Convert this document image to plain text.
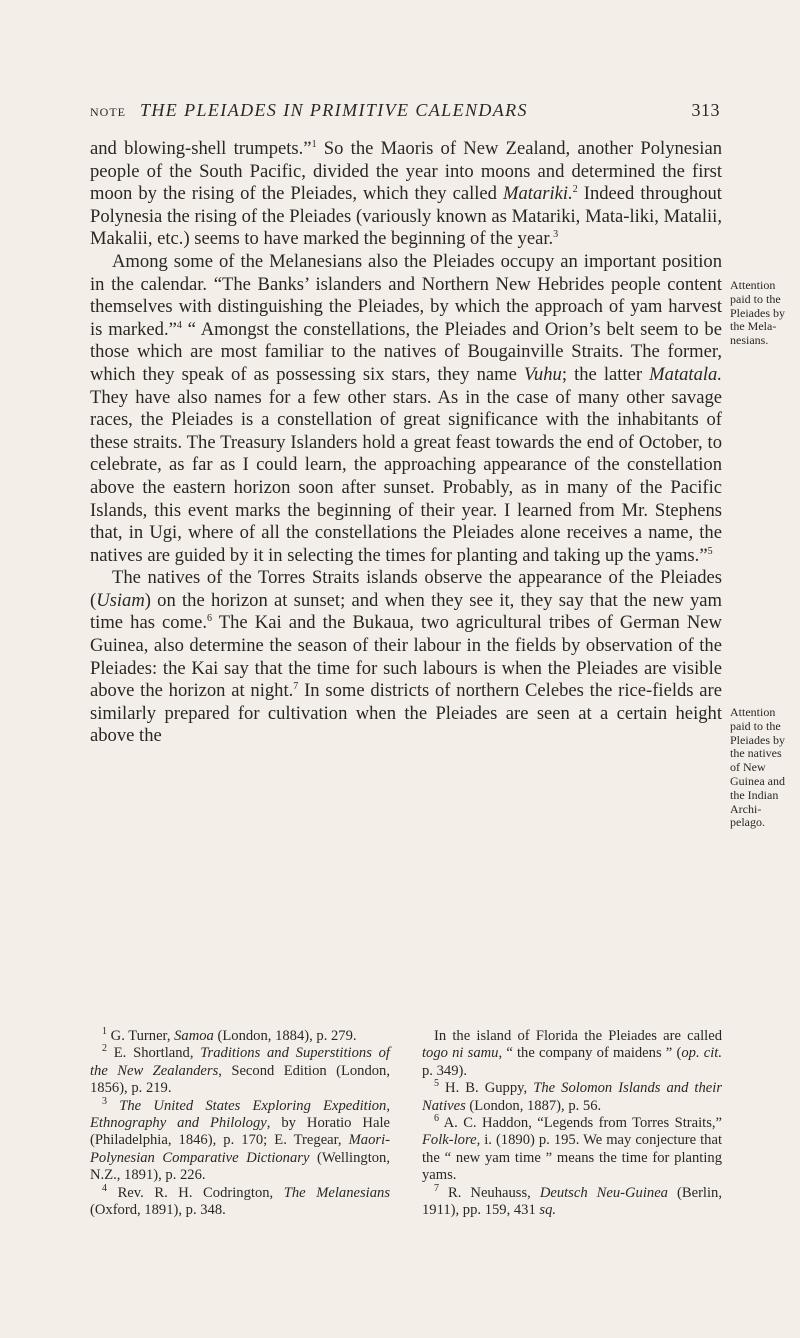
NOTE THE PLEIADES IN PRIMITIVE CALENDARS	313

and blowing-shell trumpets.”$^1$ So the Maoris of New Zealand, another Polynesian people of the South Pacific, divided the year into moons and determined the first moon by the rising of the Pleiades, which they called Matariki.$^2$ Indeed throughout Polynesia the rising of the Pleiades (variously known as Matariki, Mata-liki, Matalii, Makalii, etc.) seems to have marked the beginning of the year.$^3$

Among some of the Melanesians also the Pleiades occupy an important position in the calendar. “The Banks’ islanders and Northern New Hebrides people content themselves with distinguishing the Pleiades, by which the approach of yam harvest is marked.”$^4$ “ Amongst the constellations, the Pleiades and Orion’s belt seem to be those which are most familiar to the natives of Bougainville Straits. The former, which they speak of as possessing six stars, they name Vuhu; the latter Matatala. They have also names for a few other stars. As in the case of many other savage races, the Pleiades is a constellation of great significance with the inhabitants of these straits. The Treasury Islanders hold a great feast towards the end of October, to celebrate, as far as I could learn, the approaching appearance of the constellation above the eastern horizon soon after sunset. Probably, as in many of the Pacific Islands, this event marks the beginning of their year. I learned from Mr. Stephens that, in Ugi, where of all the constellations the Pleiades alone receives a name, the natives are guided by it in selecting the times for planting and taking up the yams.”$^5$

The natives of the Torres Straits islands observe the appearance of the Pleiades (Usiam) on the horizon at sunset; and when they see it, they say that the new yam time has come.$^6$ The Kai and the Bukaua, two agricultural tribes of German New Guinea, also determine the season of their labour in the fields by observation of the Pleiades: the Kai say that the time for such labours is when the Pleiades are visible above the horizon at night.$^7$ In some districts of northern Celebes the rice-fields are similarly prepared for cultivation when the Pleiades are seen at a certain height above the

Attention
paid to the
Pleiades by
the Mela-
nesians.
Attention
paid to the
Pleiades by
the natives
of New
Guinea and
the Indian
Archi-
pelago.

$^1$ G. Turner, Samoa (London, 1884), p. 279.

$^2$ E. Shortland, Traditions and Superstitions of the New Zealanders, Second Edition (London, 1856), p. 219.

$^3$ The United States Exploring Expedition, Ethnography and Philology, by Horatio Hale (Philadelphia, 1846), p. 170; E. Tregear, Maori-Polynesian Comparative Dictionary (Wellington, N.Z., 1891), p. 226.

$^4$ Rev. R. H. Codrington, The Melanesians (Oxford, 1891), p. 348.

In the island of Florida the Pleiades are called togo ni samu, “ the company of maidens ” (op. cit. p. 349).

$^5$ H. B. Guppy, The Solomon Islands and their Natives (London, 1887), p. 56.

$^6$ A. C. Haddon, “Legends from Torres Straits,” Folk-lore, i. (1890) p. 195. We may conjecture that the “ new yam time ” means the time for planting yams.

$^7$ R. Neuhauss, Deutsch Neu-Guinea (Berlin, 1911), pp. 159, 431 sq.
